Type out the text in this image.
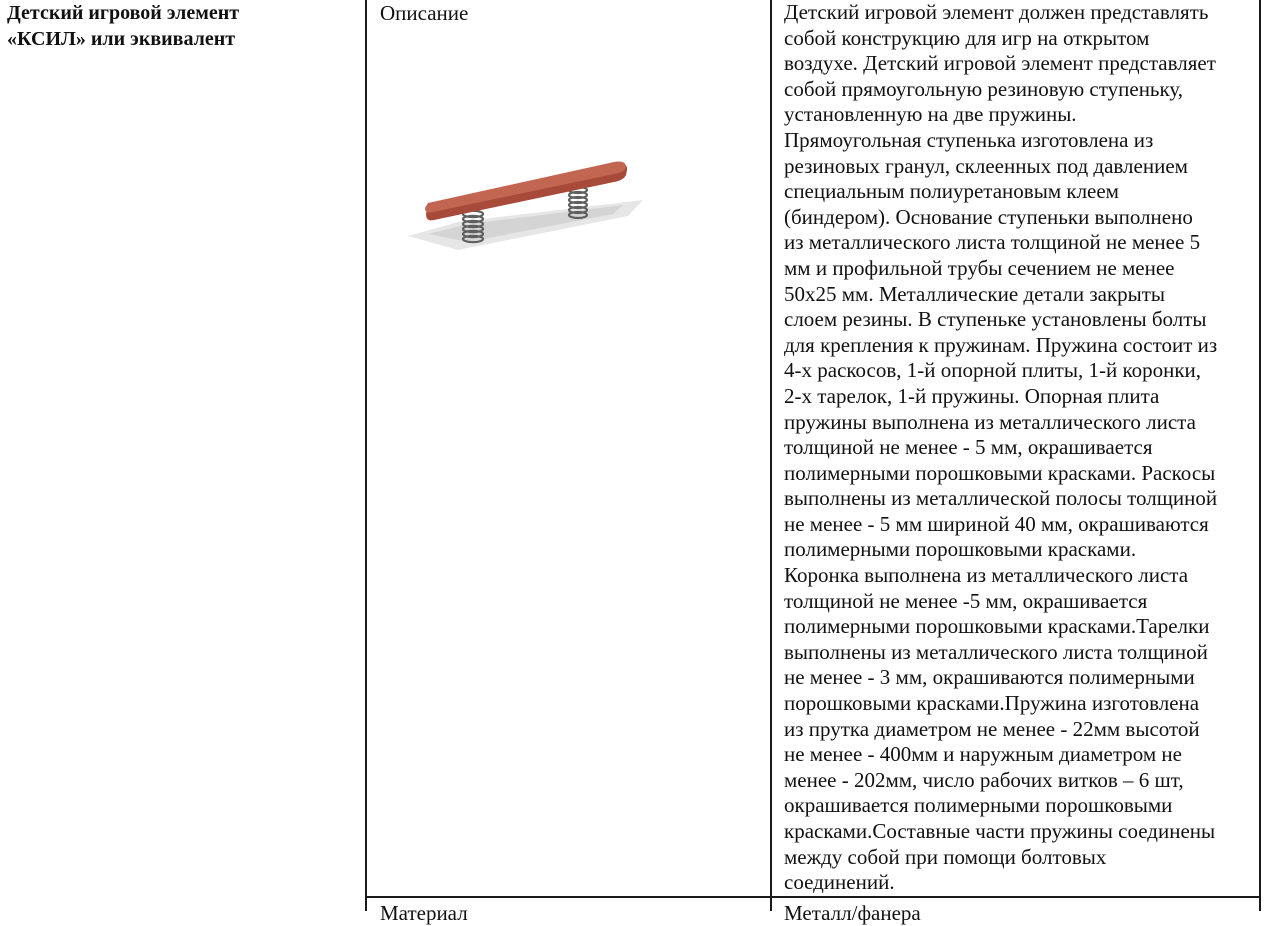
Детский игровой элемент
«КСИЛ» или эквивалент
Описание	Детский игровой элемент должен представлять
собой конструкцию для игр на открытом
воздухе. Детский игровой элемент представляет
собой прямоугольную резиновую ступеньку,
установленную на две пружины.
Прямоугольная ступенька изготовлена из
резиновых гранул, склеенных под давлением
специальным полиуретановым клеем
(биндером). Основание ступеньки выполнено
из металлического листа толщиной не менее 5
мм и профильной трубы сечением не менее
50х25 мм. Металлические детали закрыты
слоем резины. В ступеньке установлены болты
для крепления к пружинам. Пружина состоит из
4-х раскосов, 1-й опорной плиты, 1-й коронки,
2-х тарелок, 1-й пружины. Опорная плита
пружины выполнена из металлического листа
толщиной не менее - 5 мм, окрашивается
полимерными порошковыми красками. Раскосы
выполнены из металлической полосы толщиной
не менее - 5 мм шириной 40 мм, окрашиваются
полимерными порошковыми красками.
Коронка выполнена из металлического листа
толщиной не менее -5 мм, окрашивается
полимерными порошковыми красками.Тарелки
выполнены из металлического листа толщиной
не менее - 3 мм, окрашиваются полимерными
порошковыми красками.Пружина изготовлена
из прутка диаметром не менее - 22мм высотой
не менее - 400мм и наружным диаметром не
менее - 202мм, число рабочих витков – 6 шт,
окрашивается полимерными порошковыми
красками.Составные части пружины соединены
между собой при помощи болтовых
соединений.
Материал	Металл/фанера
